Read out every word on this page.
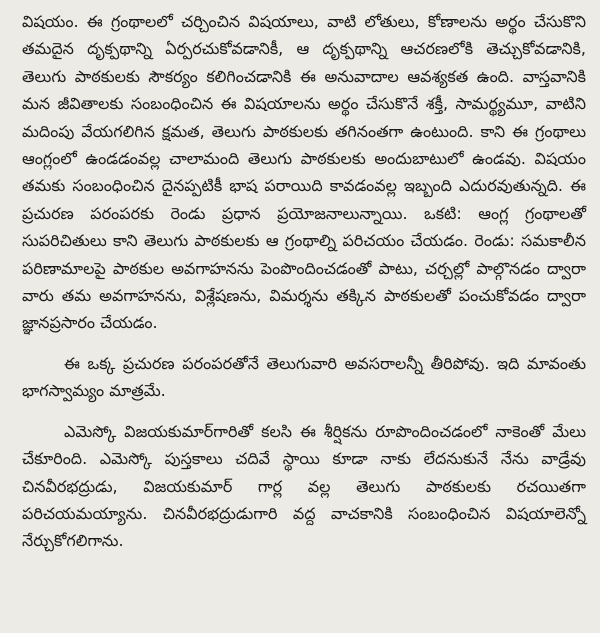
విషయం. ఈ గ్రంథాలలో చర్చించిన విషయాలు, వాటి లోతులు, కోణాలను అర్థం చేసుకొని తమదైన దృక్పథాన్ని ఏర్పరచుకోవడానికీ, ఆ దృక్పథాన్ని ఆచరణలోకి తెచ్చుకోవడానికి, తెలుగు పాఠకులకు సౌకర్యం కలిగించడానికి ఈ అనువాదాల ఆవశ్యకత ఉంది. వాస్తవానికి మన జీవితాలకు సంబంధించిన ఈ విషయాలను అర్థం చేసుకొనే శక్తీ, సామర్థ్యమూ, వాటిని మదింపు వేయగలిగిన క్షమత, తెలుగు పాఠకులకు తగినంతగా ఉంటుంది. కాని ఈ గ్రంథాలు ఆంగ్లంలో ఉండడంవల్ల చాలామంది తెలుగు పాఠకులకు అందుబాటులో ఉండవు. విషయం తమకు సంబంధించిన దైనప్పటికీ భాష పరాయిది కావడంవల్ల ఇబ్బంది ఎదురవుతున్నది. ఈ ప్రచురణ పరంపరకు రెండు ప్రధాన ప్రయోజనాలున్నాయి. ఒకటి: ఆంగ్ల గ్రంథాలతో సుపరిచితులు కాని తెలుగు పాఠకులకు ఆ గ్రంథాల్ని పరిచయం చేయడం. రెండు: సమకాలీన పరిణామాలపై పాఠకుల అవగాహనను పెంపొందించడంతో పాటు, చర్చల్లో పాల్గొనడం ద్వారా వారు తమ అవగాహనను, విశ్లేషణను, విమర్శను తక్కిన పాఠకులతో పంచుకోవడం ద్వారా జ్ఞానప్రసారం చేయడం.

ఈ ఒక్క ప్రచురణ పరంపరతోనే తెలుగువారి అవసరాలన్నీ తీరిపోవు. ఇది మావంతు భాగస్వామ్యం మాత్రమే.

ఎమెస్కో విజయకుమార్‌గారితో కలసి ఈ శీర్షికను రూపొందించడంలో నాకెంతో మేలు చేకూరింది. ఎమెస్కో పుస్తకాలు చదివే స్థాయి కూడా నాకు లేదనుకునే నేను వాడ్రేవు చినవీరభద్రుడు, విజయకుమార్ గార్ల వల్ల తెలుగు పాఠకులకు రచయితగా పరిచయమయ్యాను. చినవీరభద్రుడుగారి వద్ద వాచకానికి సంబంధించిన విషయాలెన్నో నేర్చుకోగలిగాను.
